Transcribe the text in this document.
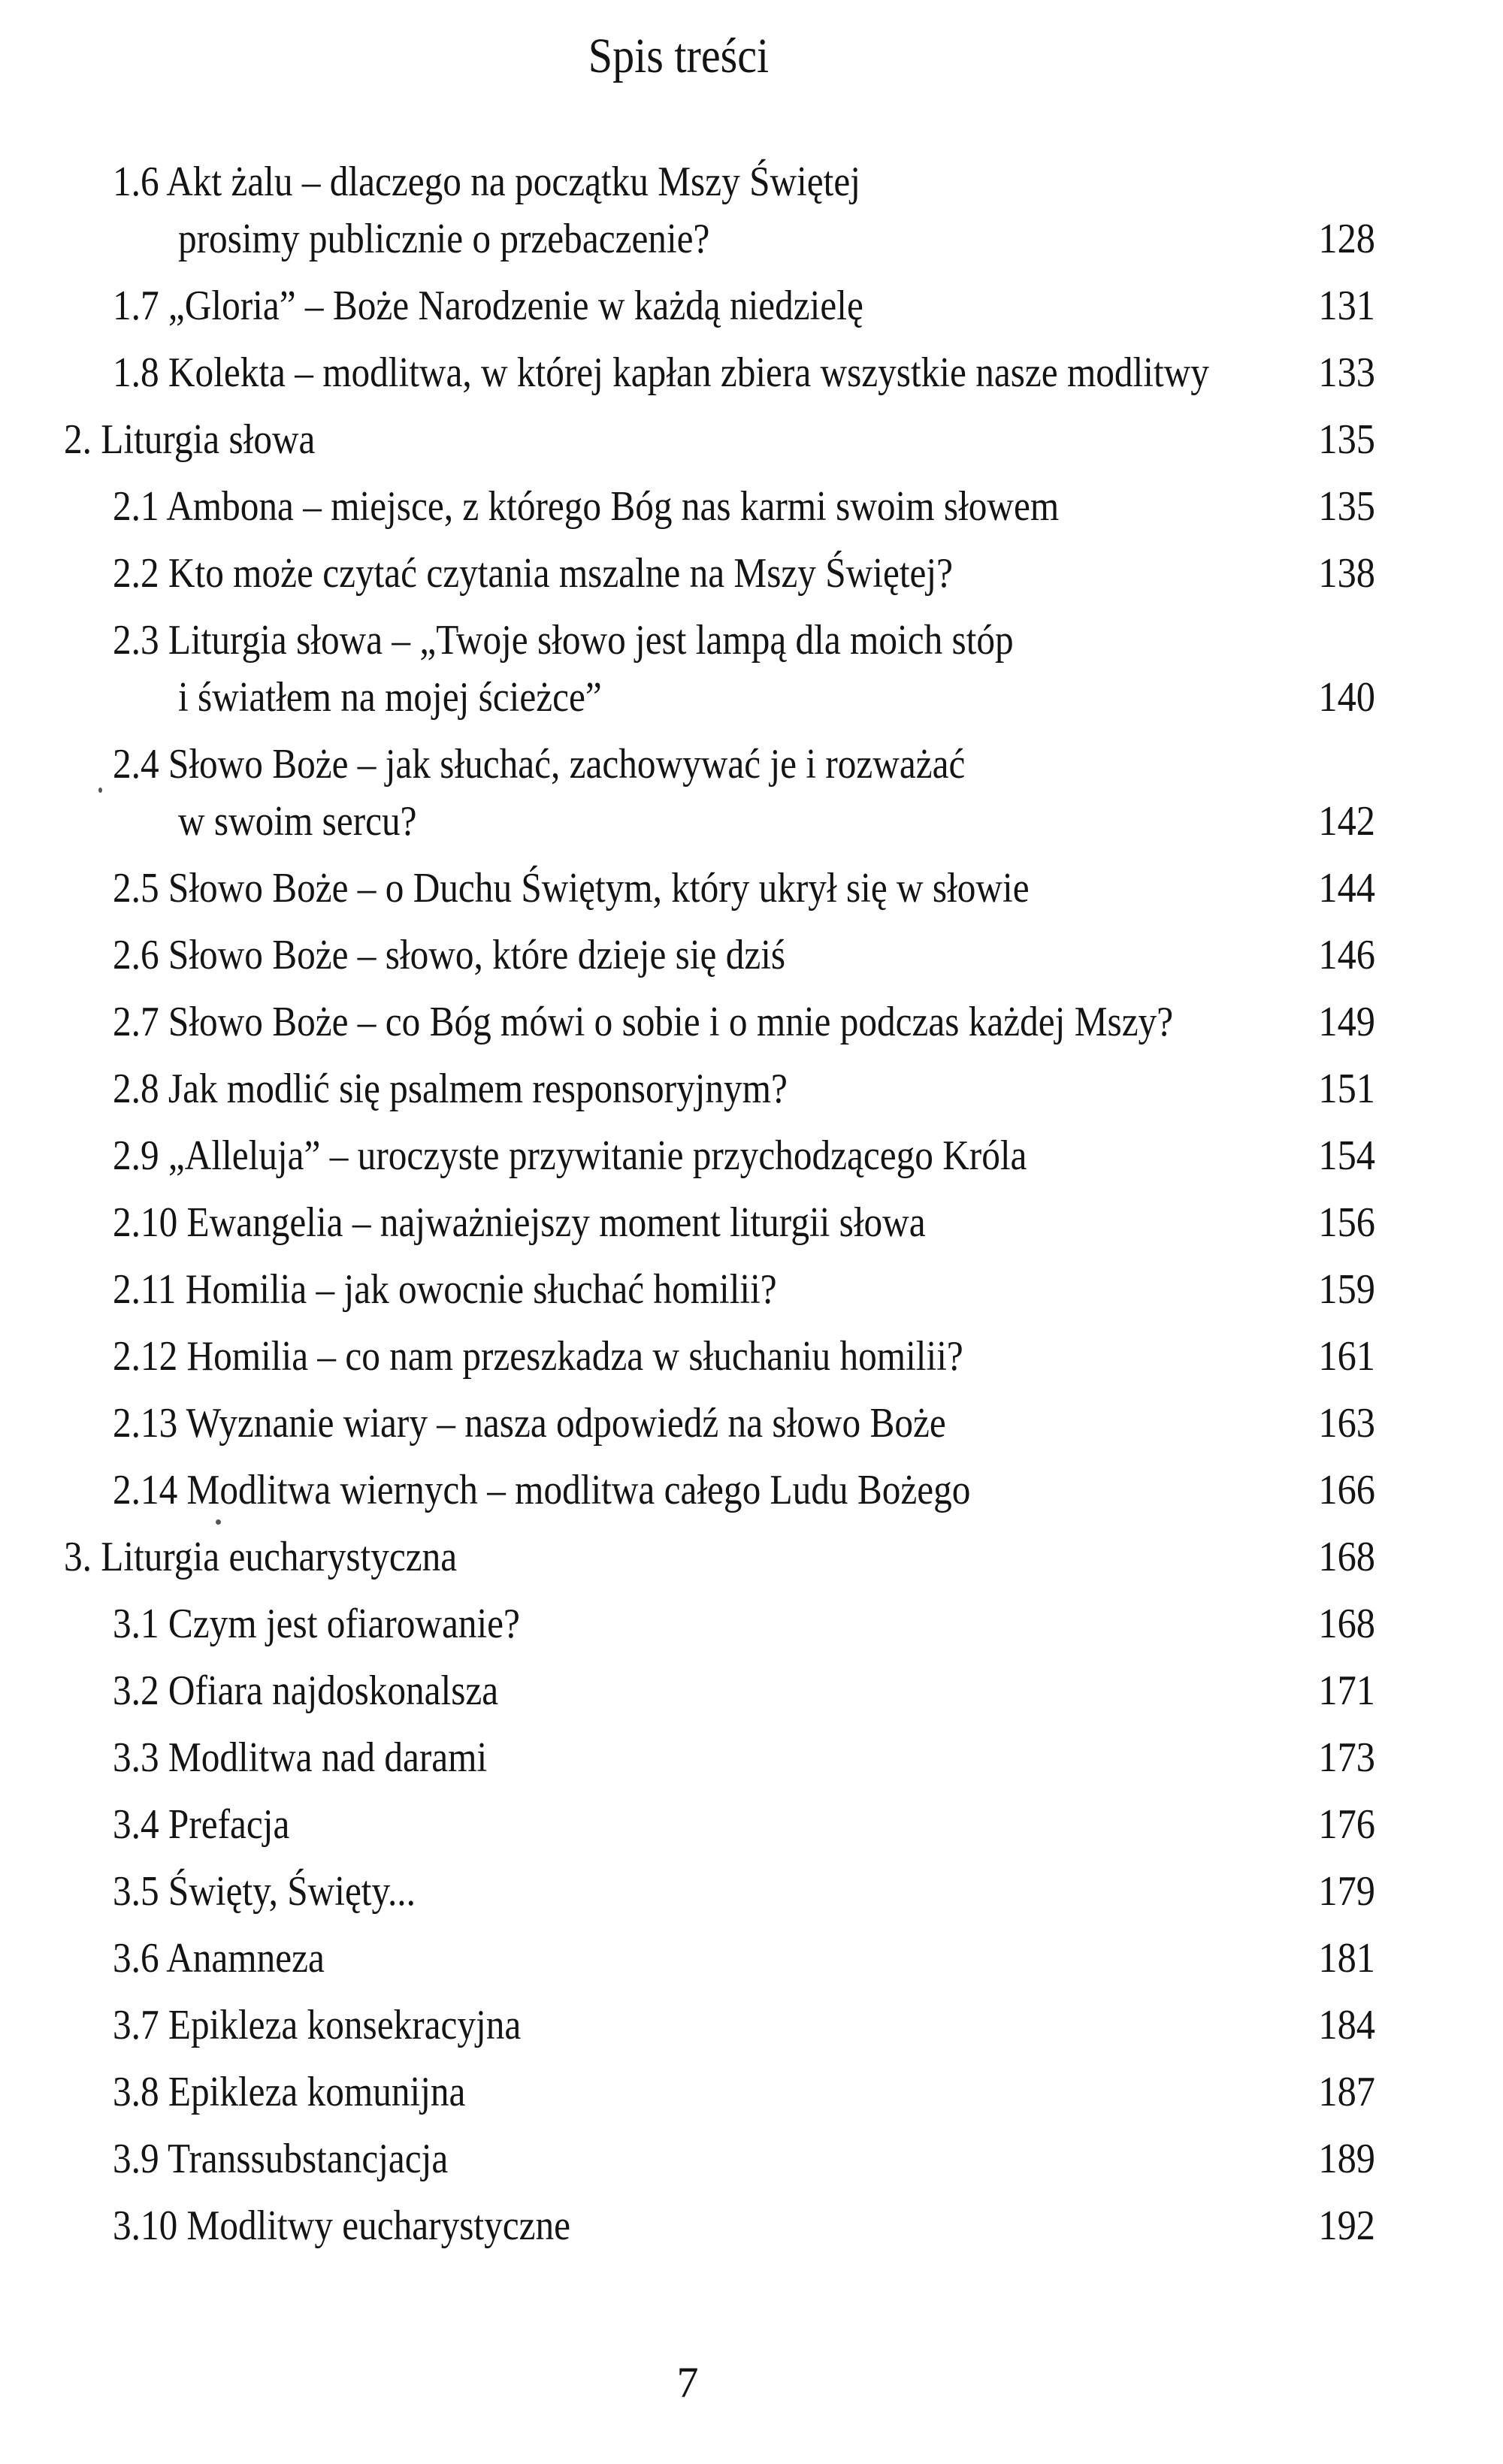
Spis treści
1.6 Akt żalu – dlaczego na początku Mszy Świętej
prosimy publicznie o przebaczenie?	128
1.7 „Gloria” – Boże Narodzenie w każdą niedzielę	131
1.8 Kolekta – modlitwa, w której kapłan zbiera wszystkie nasze modlitwy	133
2. Liturgia słowa	135
2.1 Ambona – miejsce, z którego Bóg nas karmi swoim słowem	135
2.2 Kto może czytać czytania mszalne na Mszy Świętej?	138
2.3 Liturgia słowa – „Twoje słowo jest lampą dla moich stóp
i światłem na mojej ścieżce”	140
2.4 Słowo Boże – jak słuchać, zachowywać je i rozważać
w swoim sercu?	142
2.5 Słowo Boże – o Duchu Świętym, który ukrył się w słowie	144
2.6 Słowo Boże – słowo, które dzieje się dziś	146
2.7 Słowo Boże – co Bóg mówi o sobie i o mnie podczas każdej Mszy?	149
2.8 Jak modlić się psalmem responsoryjnym?	151
2.9 „Alleluja” – uroczyste przywitanie przychodzącego Króla	154
2.10 Ewangelia – najważniejszy moment liturgii słowa	156
2.11 Homilia – jak owocnie słuchać homilii?	159
2.12 Homilia – co nam przeszkadza w słuchaniu homilii?	161
2.13 Wyznanie wiary – nasza odpowiedź na słowo Boże	163
2.14 Modlitwa wiernych – modlitwa całego Ludu Bożego	166
3. Liturgia eucharystyczna	168
3.1 Czym jest ofiarowanie?	168
3.2 Ofiara najdoskonalsza	171
3.3 Modlitwa nad darami	173
3.4 Prefacja	176
3.5 Święty, Święty...	179
3.6 Anamneza	181
3.7 Epikleza konsekracyjna	184
3.8 Epikleza komunijna	187
3.9 Transsubstancjacja	189
3.10 Modlitwy eucharystyczne	192
7
